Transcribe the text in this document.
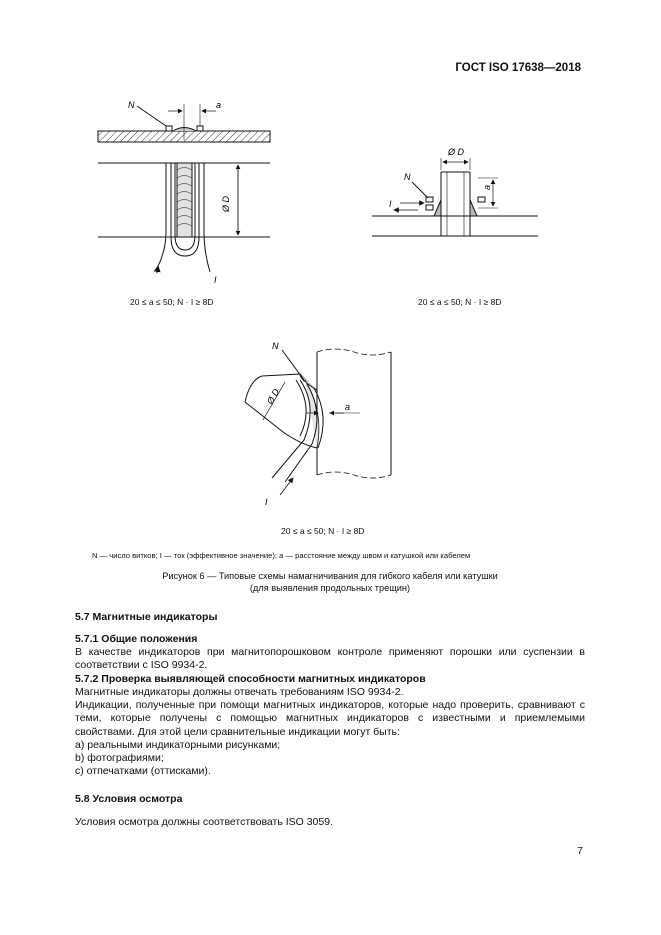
ГОСТ ISO 17638—2018
N	a
Ø D
I
Ø D
N
I
a
N
Ø D
a
I
20 ≤ a ≤ 50; N · I ≥ 8D	20 ≤ a ≤ 50; N · I ≥ 8D
20 ≤ a ≤ 50; N · I ≥ 8D
N — число витков; I — ток (эффективное значение); a — расстояние между швом и катушкой или кабелем
Рисунок 6 — Типовые схемы намагничивания для гибкого кабеля или катушки
(для выявления продольных трещин)
5.7 Магнитные индикаторы
5.7.1 Общие положения

В качестве индикаторов при магнитопорошковом контроле применяют порошки или суспензии в соответствии с ISO 9934-2.

5.7.2 Проверка выявляющей способности магнитных индикаторов

Магнитные индикаторы должны отвечать требованиям ISO 9934-2.

Индикации, полученные при помощи магнитных индикаторов, которые надо проверить, сравнивают с теми, которые получены с помощью магнитных индикаторов с известными и приемлемыми свойствами. Для этой цели сравнительные индикации могут быть:

a) реальными индикаторными рисунками;

b) фотографиями;

c) отпечатками (оттисками).

5.8 Условия осмотра

Условия осмотра должны соответствовать ISO 3059.

7
